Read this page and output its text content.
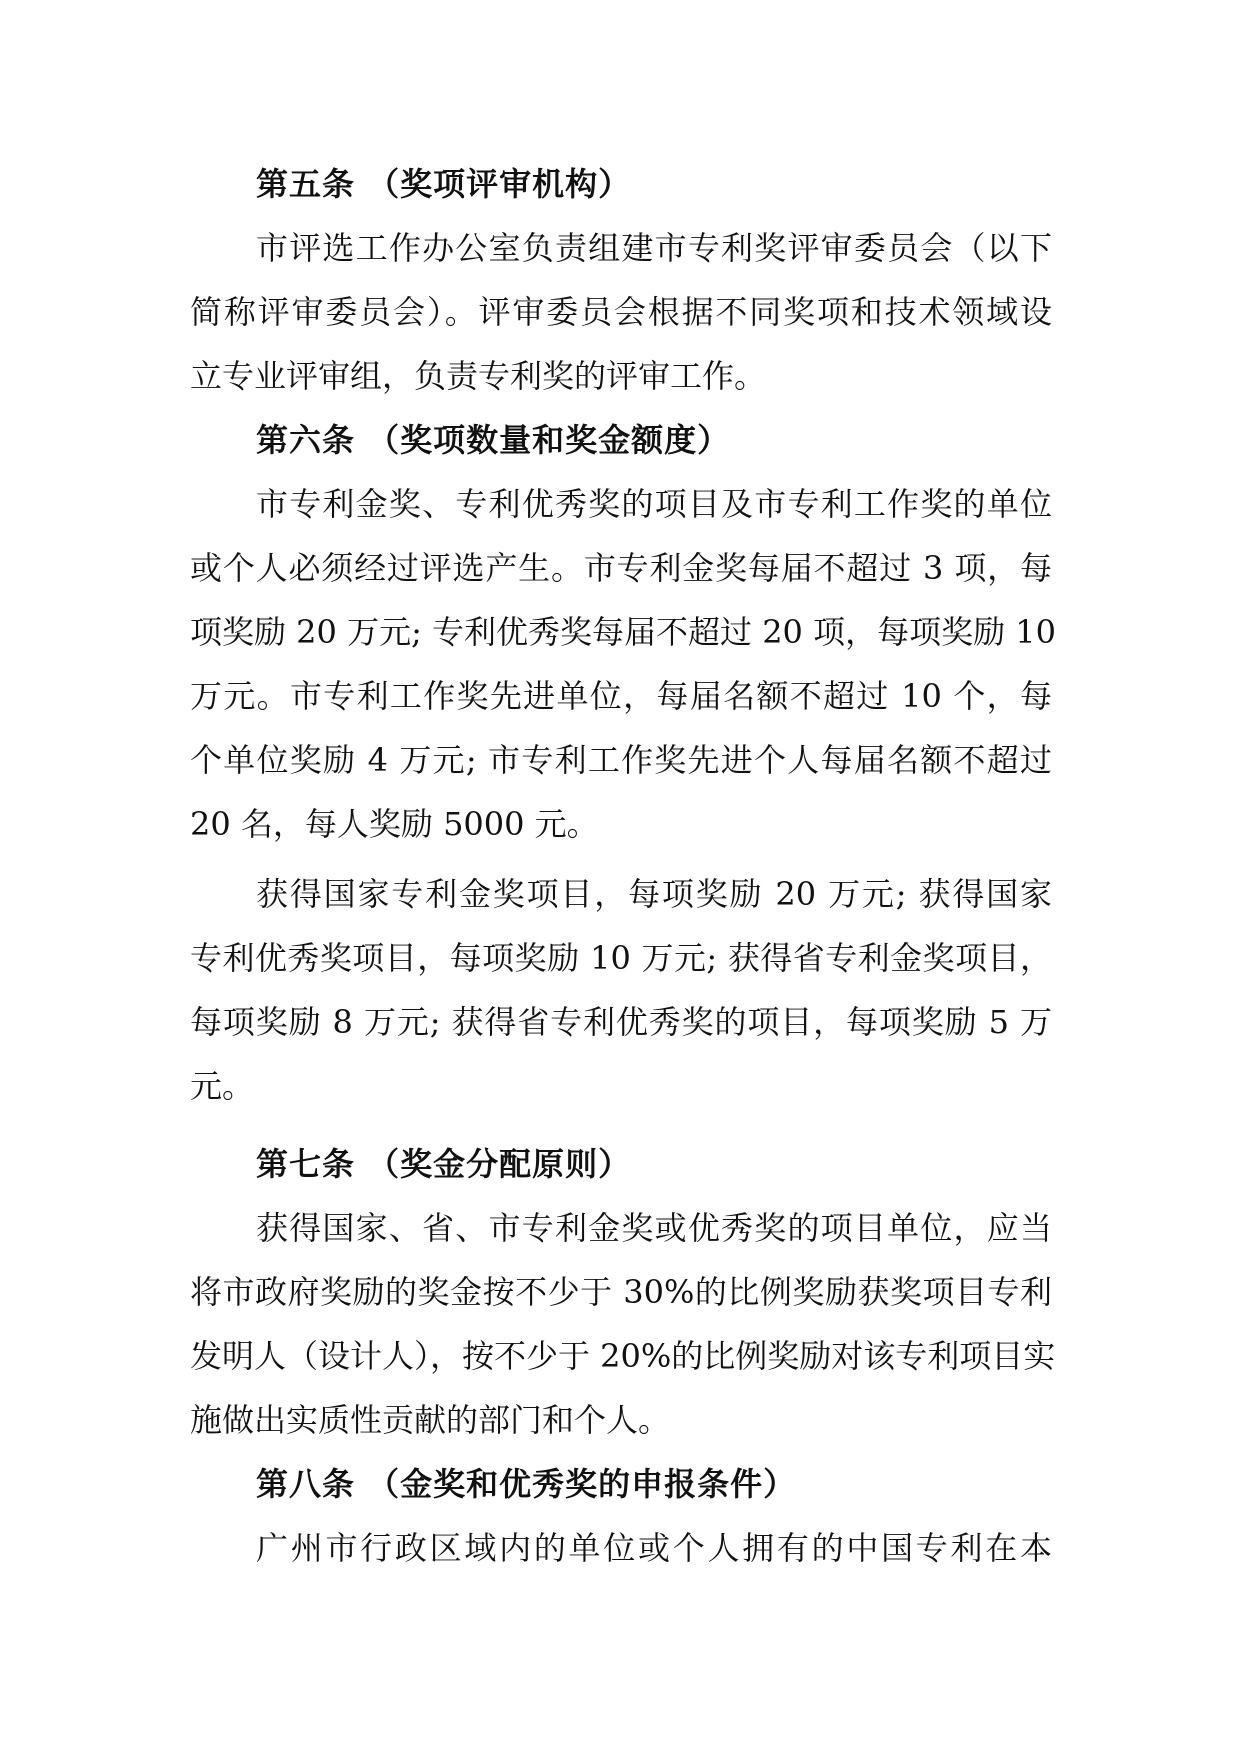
第五条 （奖项评审机构）
市评选工作办公室负责组建市专利奖评审委员会（以下
简称评审委员会）。评审委员会根据不同奖项和技术领域设
立专业评审组，负责专利奖的评审工作。
第六条 （奖项数量和奖金额度）
市专利金奖、专利优秀奖的项目及市专利工作奖的单位
或个人必须经过评选产生。市专利金奖每届不超过 3 项，每
项奖励 20 万元; 专利优秀奖每届不超过 20 项，每项奖励 10
万元。市专利工作奖先进单位，每届名额不超过 10 个，每
个单位奖励 4 万元; 市专利工作奖先进个人每届名额不超过
20 名，每人奖励 5000 元。
获得国家专利金奖项目，每项奖励 20 万元; 获得国家
专利优秀奖项目，每项奖励 10 万元; 获得省专利金奖项目，
每项奖励 8 万元; 获得省专利优秀奖的项目，每项奖励 5 万
元。
第七条 （奖金分配原则）
获得国家、省、市专利金奖或优秀奖的项目单位，应当
将市政府奖励的奖金按不少于 30%的比例奖励获奖项目专利
发明人（设计人），按不少于 20%的比例奖励对该专利项目实
施做出实质性贡献的部门和个人。
第八条 （金奖和优秀奖的申报条件）
广州市行政区域内的单位或个人拥有的中国专利在本
